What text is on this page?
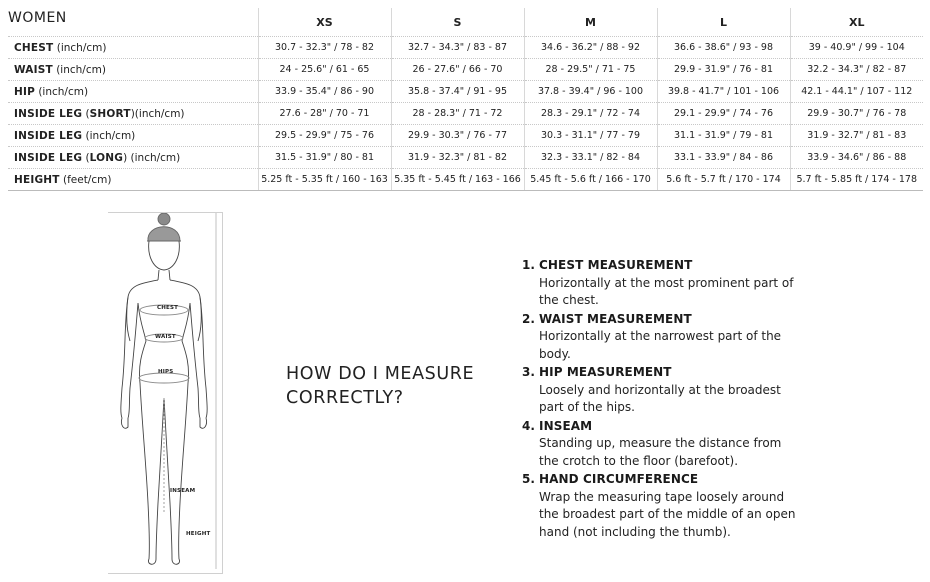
WOMEN	XS	S	M	L	XL
CHEST (inch/cm)	30.7 - 32.3" / 78 - 82	32.7 - 34.3" / 83 - 87	34.6 - 36.2" / 88 - 92	36.6 - 38.6" / 93 - 98	39 - 40.9" / 99 - 104
WAIST (inch/cm)	24 - 25.6" / 61 - 65	26 - 27.6" / 66 - 70	28 - 29.5" / 71 - 75	29.9 - 31.9" / 76 - 81	32.2 - 34.3" / 82 - 87
HIP (inch/cm)	33.9 - 35.4" / 86 - 90	35.8 - 37.4" / 91 - 95	37.8 - 39.4" / 96 - 100	39.8 - 41.7" / 101 - 106	42.1 - 44.1" / 107 - 112
INSIDE LEG (SHORT)(inch/cm)	27.6 - 28" / 70 - 71	28 - 28.3" / 71 - 72	28.3 - 29.1" / 72 - 74	29.1 - 29.9" / 74 - 76	29.9 - 30.7" / 76 - 78
INSIDE LEG (inch/cm)	29.5 - 29.9" / 75 - 76	29.9 - 30.3" / 76 - 77	30.3 - 31.1" / 77 - 79	31.1 - 31.9" / 79 - 81	31.9 - 32.7" / 81 - 83
INSIDE LEG (LONG) (inch/cm)	31.5 - 31.9" / 80 - 81	31.9 - 32.3" / 81 - 82	32.3 - 33.1" / 82 - 84	33.1 - 33.9" / 84 - 86	33.9 - 34.6" / 86 - 88
HEIGHT (feet/cm)	5.25 ft - 5.35 ft / 160 - 163	5.35 ft - 5.45 ft / 163 - 166	5.45 ft - 5.6 ft / 166 - 170	5.6 ft - 5.7 ft / 170 - 174	5.7 ft - 5.85 ft / 174 - 178
CHEST
WAIST
HIPS
INSEAM
HEIGHT
HOW DO I MEASURE
CORRECTLY?
1. CHEST MEASUREMENT
Horizontally at the most prominent part of
the chest.
2. WAIST MEASUREMENT
Horizontally at the narrowest part of the
body.
3. HIP MEASUREMENT
Loosely and horizontally at the broadest
part of the hips.
4. INSEAM
Standing up, measure the distance from
the crotch to the floor (barefoot).
5. HAND CIRCUMFERENCE
Wrap the measuring tape loosely around
the broadest part of the middle of an open
hand (not including the thumb).
